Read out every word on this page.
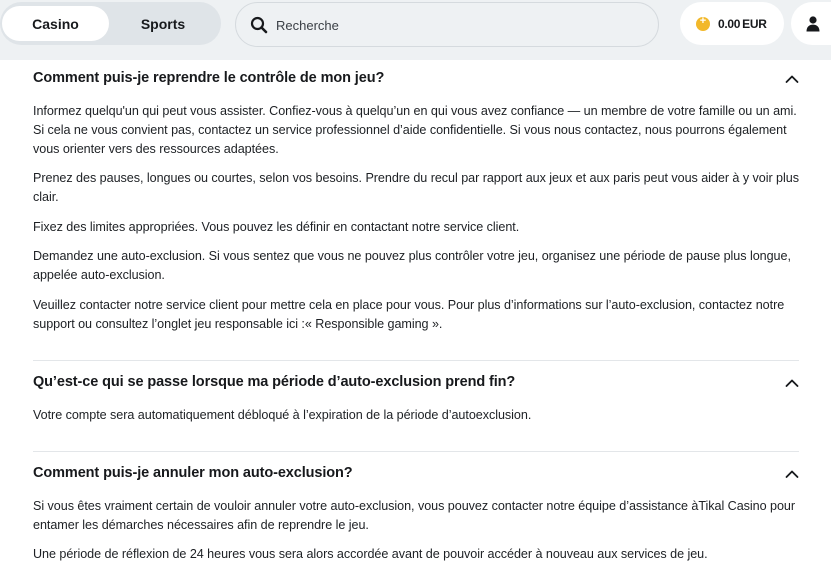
Casino	Sports
Recherche
+	0.00 EUR
Comment puis-je reprendre le contrôle de mon jeu?
Informez quelqu'un qui peut vous assister. Confiez-vous à quelqu’un en qui vous avez confiance — un membre de votre famille ou un ami. Si cela ne vous convient pas, contactez un service professionnel d’aide confidentielle. Si vous nous contactez, nous pourrons également vous orienter vers des ressources adaptées.
Prenez des pauses, longues ou courtes, selon vos besoins. Prendre du recul par rapport aux jeux et aux paris peut vous aider à y voir plus clair.
Fixez des limites appropriées. Vous pouvez les définir en contactant notre service client.
Demandez une auto-exclusion. Si vous sentez que vous ne pouvez plus contrôler votre jeu, organisez une période de pause plus longue, appelée auto-exclusion.
Veuillez contacter notre service client pour mettre cela en place pour vous. Pour plus d’informations sur l’auto-exclusion, contactez notre support ou consultez l’onglet jeu responsable ici :« Responsible gaming ».
Qu’est-ce qui se passe lorsque ma période d’auto-exclusion prend fin?
Votre compte sera automatiquement débloqué à l’expiration de la période d’autoexclusion.
Comment puis-je annuler mon auto-exclusion?
Si vous êtes vraiment certain de vouloir annuler votre auto-exclusion, vous pouvez contacter notre équipe d’assistance àTikal Casino pour entamer les démarches nécessaires afin de reprendre le jeu.
Une période de réflexion de 24 heures vous sera alors accordée avant de pouvoir accéder à nouveau aux services de jeu.
